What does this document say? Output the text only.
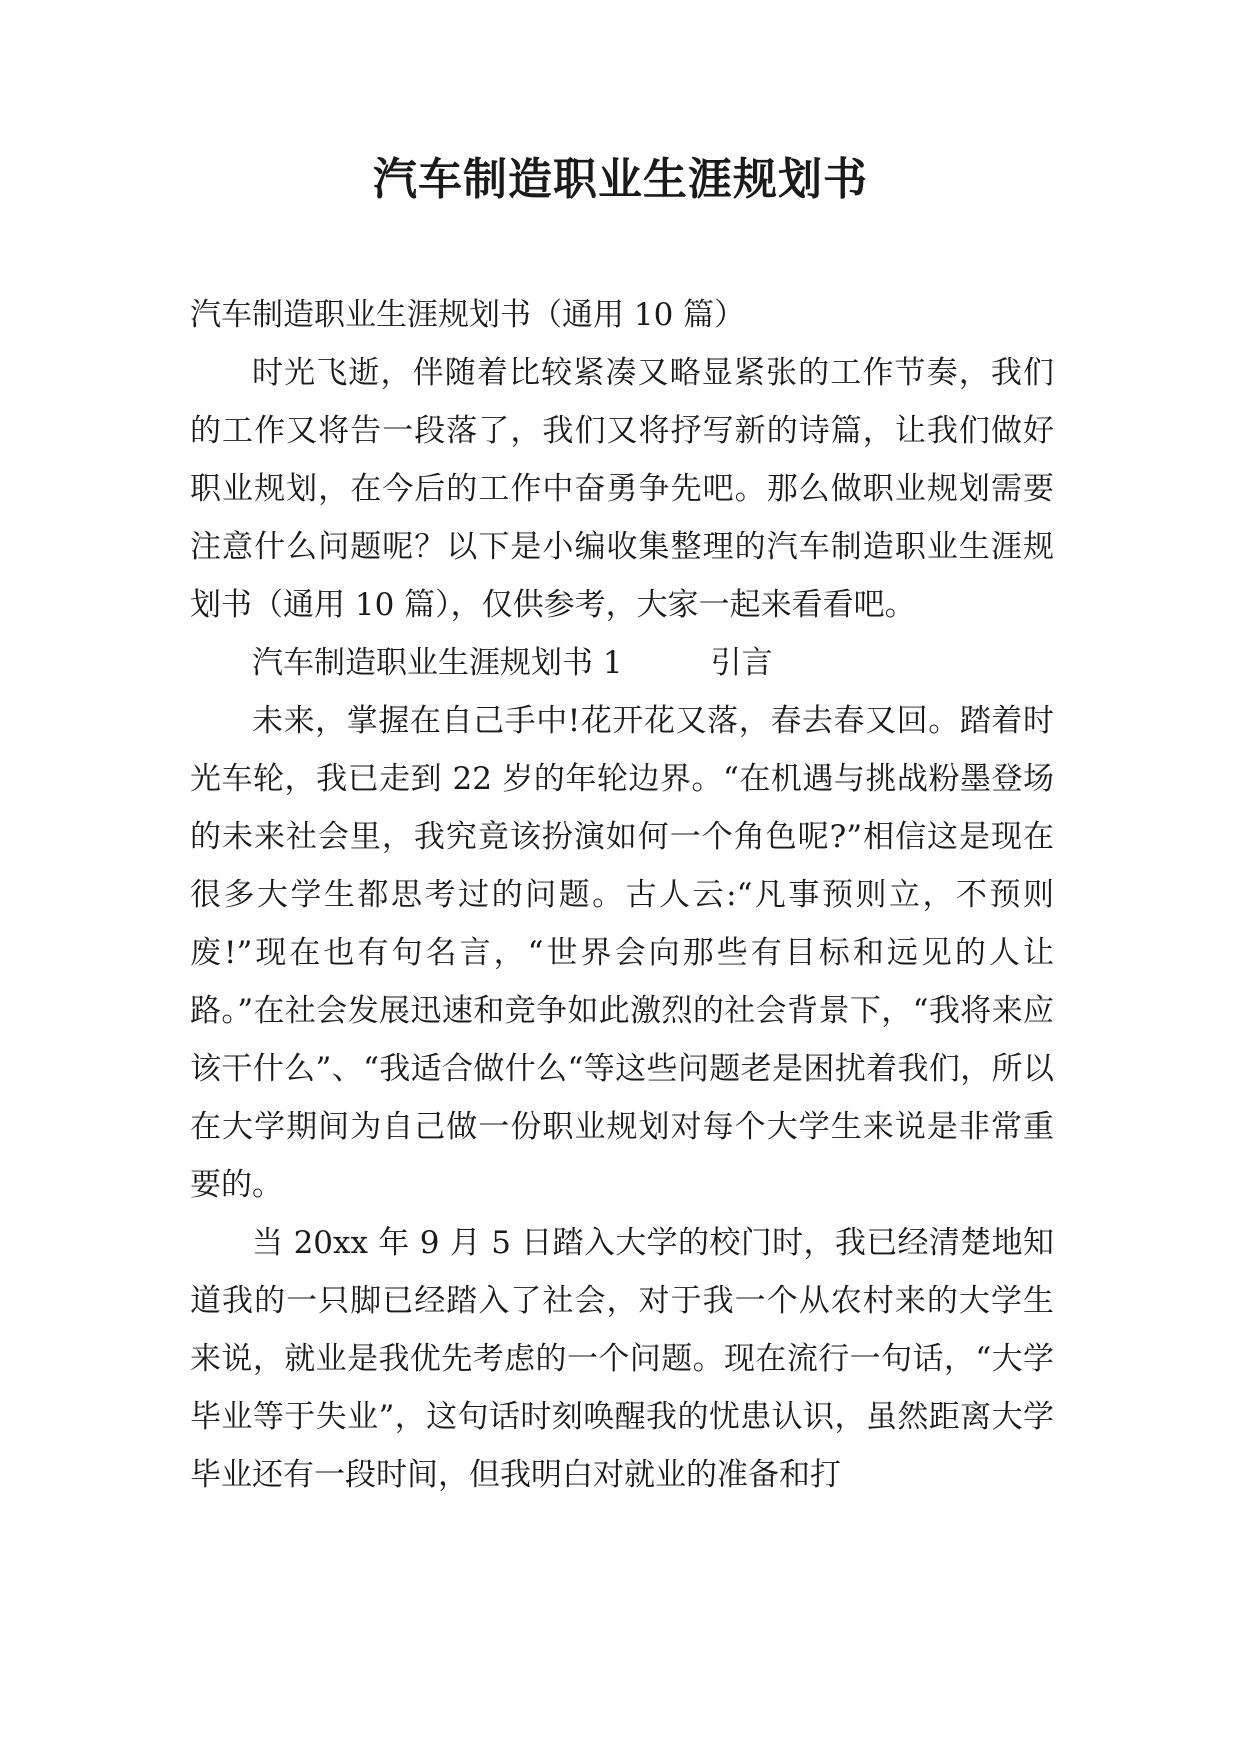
汽车制造职业生涯规划书

汽车制造职业生涯规划书（通用 10 篇）

时光飞逝，伴随着比较紧凑又略显紧张的工作节奏，我们的工作又将告一段落了，我们又将抒写新的诗篇，让我们做好职业规划，在今后的工作中奋勇争先吧。那么做职业规划需要注意什么问题呢？以下是小编收集整理的汽车制造职业生涯规划书（通用 10 篇），仅供参考，大家一起来看看吧。

汽车制造职业生涯规划书 1	引言

未来，掌握在自己手中!花开花又落，春去春又回。踏着时光车轮，我已走到 22 岁的年轮边界。“在机遇与挑战粉墨登场的未来社会里，我究竟该扮演如何一个角色呢?”相信这是现在很多大学生都思考过的问题。古人云:“凡事预则立，不预则废!”现在也有句名言，“世界会向那些有目标和远见的人让路。”在社会发展迅速和竞争如此激烈的社会背景下，“我将来应该干什么”、“我适合做什么“等这些问题老是困扰着我们，所以在大学期间为自己做一份职业规划对每个大学生来说是非常重要的。

当 20xx 年 9 月 5 日踏入大学的校门时，我已经清楚地知道我的一只脚已经踏入了社会，对于我一个从农村来的大学生来说，就业是我优先考虑的一个问题。现在流行一句话，“大学毕业等于失业”，这句话时刻唤醒我的忧患认识，虽然距离大学毕业还有一段时间，但我明白对就业的准备和打
